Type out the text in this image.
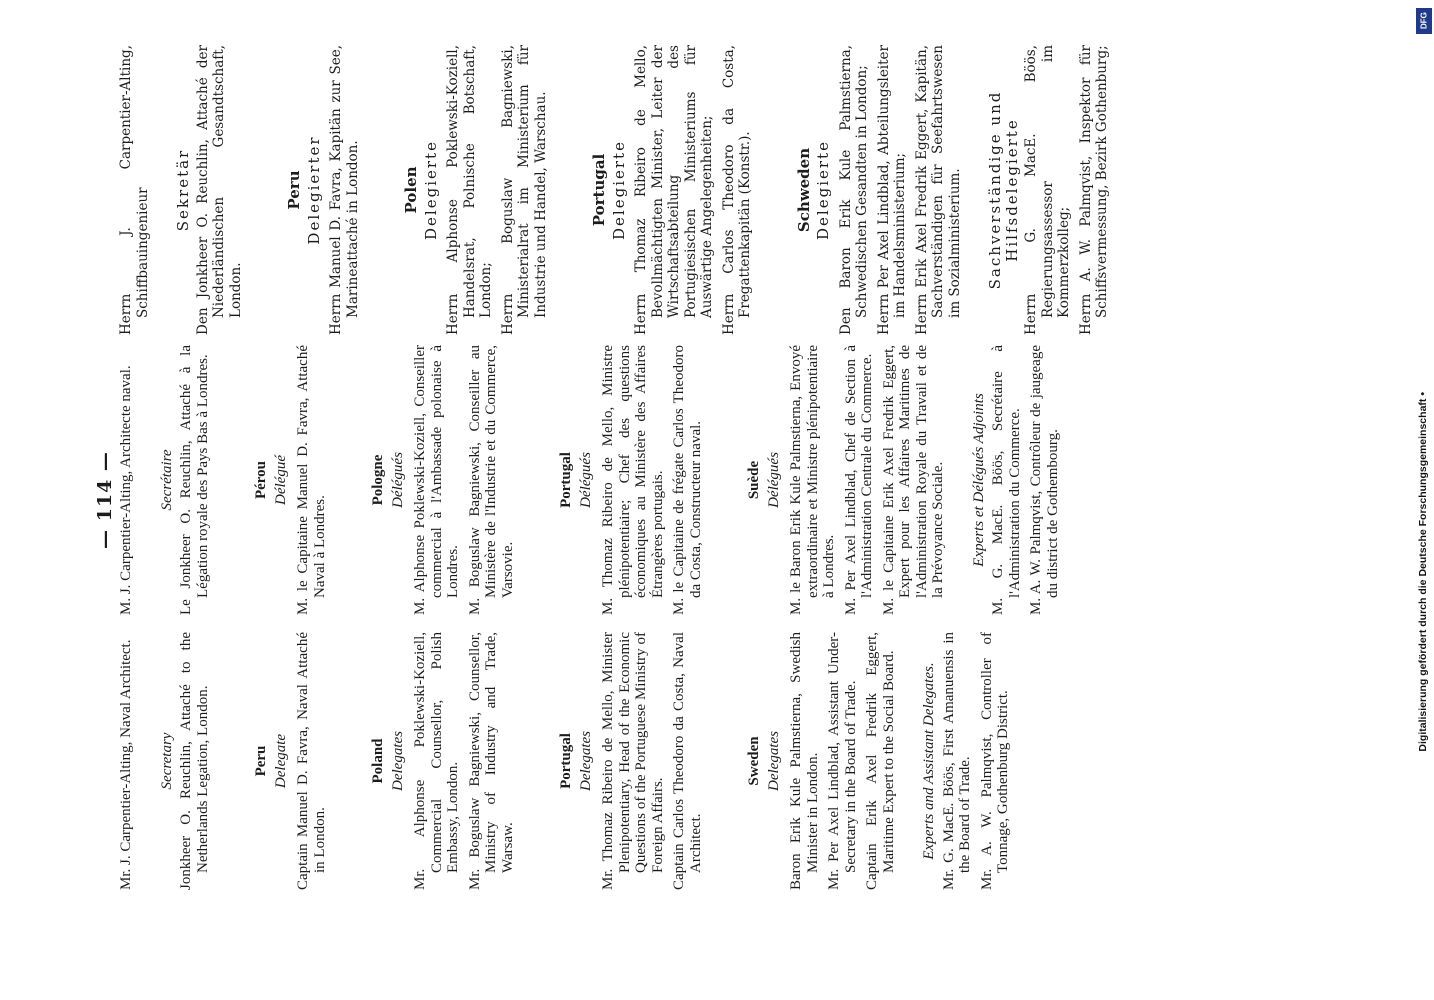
— 114 —
Mr. J. Carpentier-Alting, Naval Architect. Secretary Jonkheer O. Reuchlin, Attaché to the Netherlands Legation, London.	Peru Delegate Captain Manuel D. Favra, Naval Attaché in London.
Poland Delegates Mr. Alphonse Poklewski-Koziell, Commercial Counsellor, Polish Embassy, London. Mr. Boguslaw Bagniewski, Counsellor, Ministry of Industry and Trade, Warsaw.
Portugal Delegates Mr. Thomaz Ribeiro de Mello, Minister Plenipotentiary, Head of the Economic Questions of the Portuguese Ministry of Foreign Affairs. Captain Carlos Theodoro da Costa, Naval Architect.
Sweden Delegates Baron Erik Kule Palmstierna, Swedish Minister in London. Mr. Per Axel Lindblad, Assistant Under-Secretary in the Board of Trade. Captain Erik Axel Fredrik Eggert, Maritime Expert to the Social Board. Experts and Assistant Delegates. Mr. G. MacE. Böös, First Amanuensis in the Board of Trade. Mr. A. W. Palmqvist, Controller of Tonnage, Gothenburg District.
M. J. Carpentier-Alting, Architecte naval. Secrétaire Le Jonkheer O. Reuchlin, Attaché à la Légation royale des Pays Bas à Londres.	Pérou Délégué M. le Capitaine Manuel D. Favra, Attaché Naval à Londres.
Pologne Délégués M. Alphonse Poklewski-Koziell, Conseiller commercial à l'Ambassade polonaise à Londres. M. Boguslaw Bagniewski, Conseiller au Ministère de l'Industrie et du Commerce, Varsovie.
Portugal Délégués M. Thomaz Ribeiro de Mello, Ministre plénipotentiaire; Chef des questions économiques au Ministère des Affaires Étrangères portugais. M. le Capitaine de frégate Carlos Theodoro da Costa, Constructeur naval.	Suède Délégués M. le Baron Erik Kule Palmstierna, Envoyé extraordinaire et Ministre plénipotentiaire à Londres. M. Per Axel Lindblad, Chef de Section à l'Administration Centrale du Commerce. M. le Capitaine Erik Axel Fredrik Eggert, Expert pour les Affaires Maritimes de l'Administration Royale du Travail et de la Prévoyance Sociale. Experts et Délégués Adjoints M. G. MacE. Böös, Secrétaire à l'Administration du Commerce. M. A. W. Palmqvist, Contrôleur de jaugeage du district de Gothembourg.
Herrn J. Carpentier-Alting, Schiffbauingenieur Sekretär Den Jonkheer O. Reuchlin, Attaché der Niederländischen Gesandtschaft, London.
Peru Delegierter Herrn Manuel D. Favra, Kapitän zur See, Marineattaché in London.	Polen Delegierte Herrn Alphonse Poklewski-Koziell, Handelsrat, Polnische Botschaft, London; Herrn Boguslaw Bagniewski, Ministerialrat im Ministerium für Industrie und Handel, Warschau.	Portugal Delegierte Herrn Thomaz Ribeiro de Mello, Bevollmächtigten Minister, Leiter der Wirtschaftsabteilung des Portugiesischen Ministeriums für Auswärtige Angelegenheiten; Herrn Carlos Theodoro da Costa, Fregattenkapitän (Konstr.).	Schweden Delegierte Den Baron Erik Kule Palmstierna, Schwedischen Gesandten in London; Herrn Per Axel Lindblad, Abteilungsleiter im Handelsministerium; Herrn Erik Axel Fredrik Eggert, Kapitän, Sachverständigen für Seefahrtswesen im Sozialministerium. Sachverständige und Hilfsdelegierte Herrn G. MacE. Böös, Regierungsassessor im Kommerzkolleg; Herrn A. W. Palmqvist, Inspektor für Schiffsvermessung, Bezirk Gothenburg;
DFG
Digitalisierung gefördert durch die Deutsche Forschungsgemeinschaft •
